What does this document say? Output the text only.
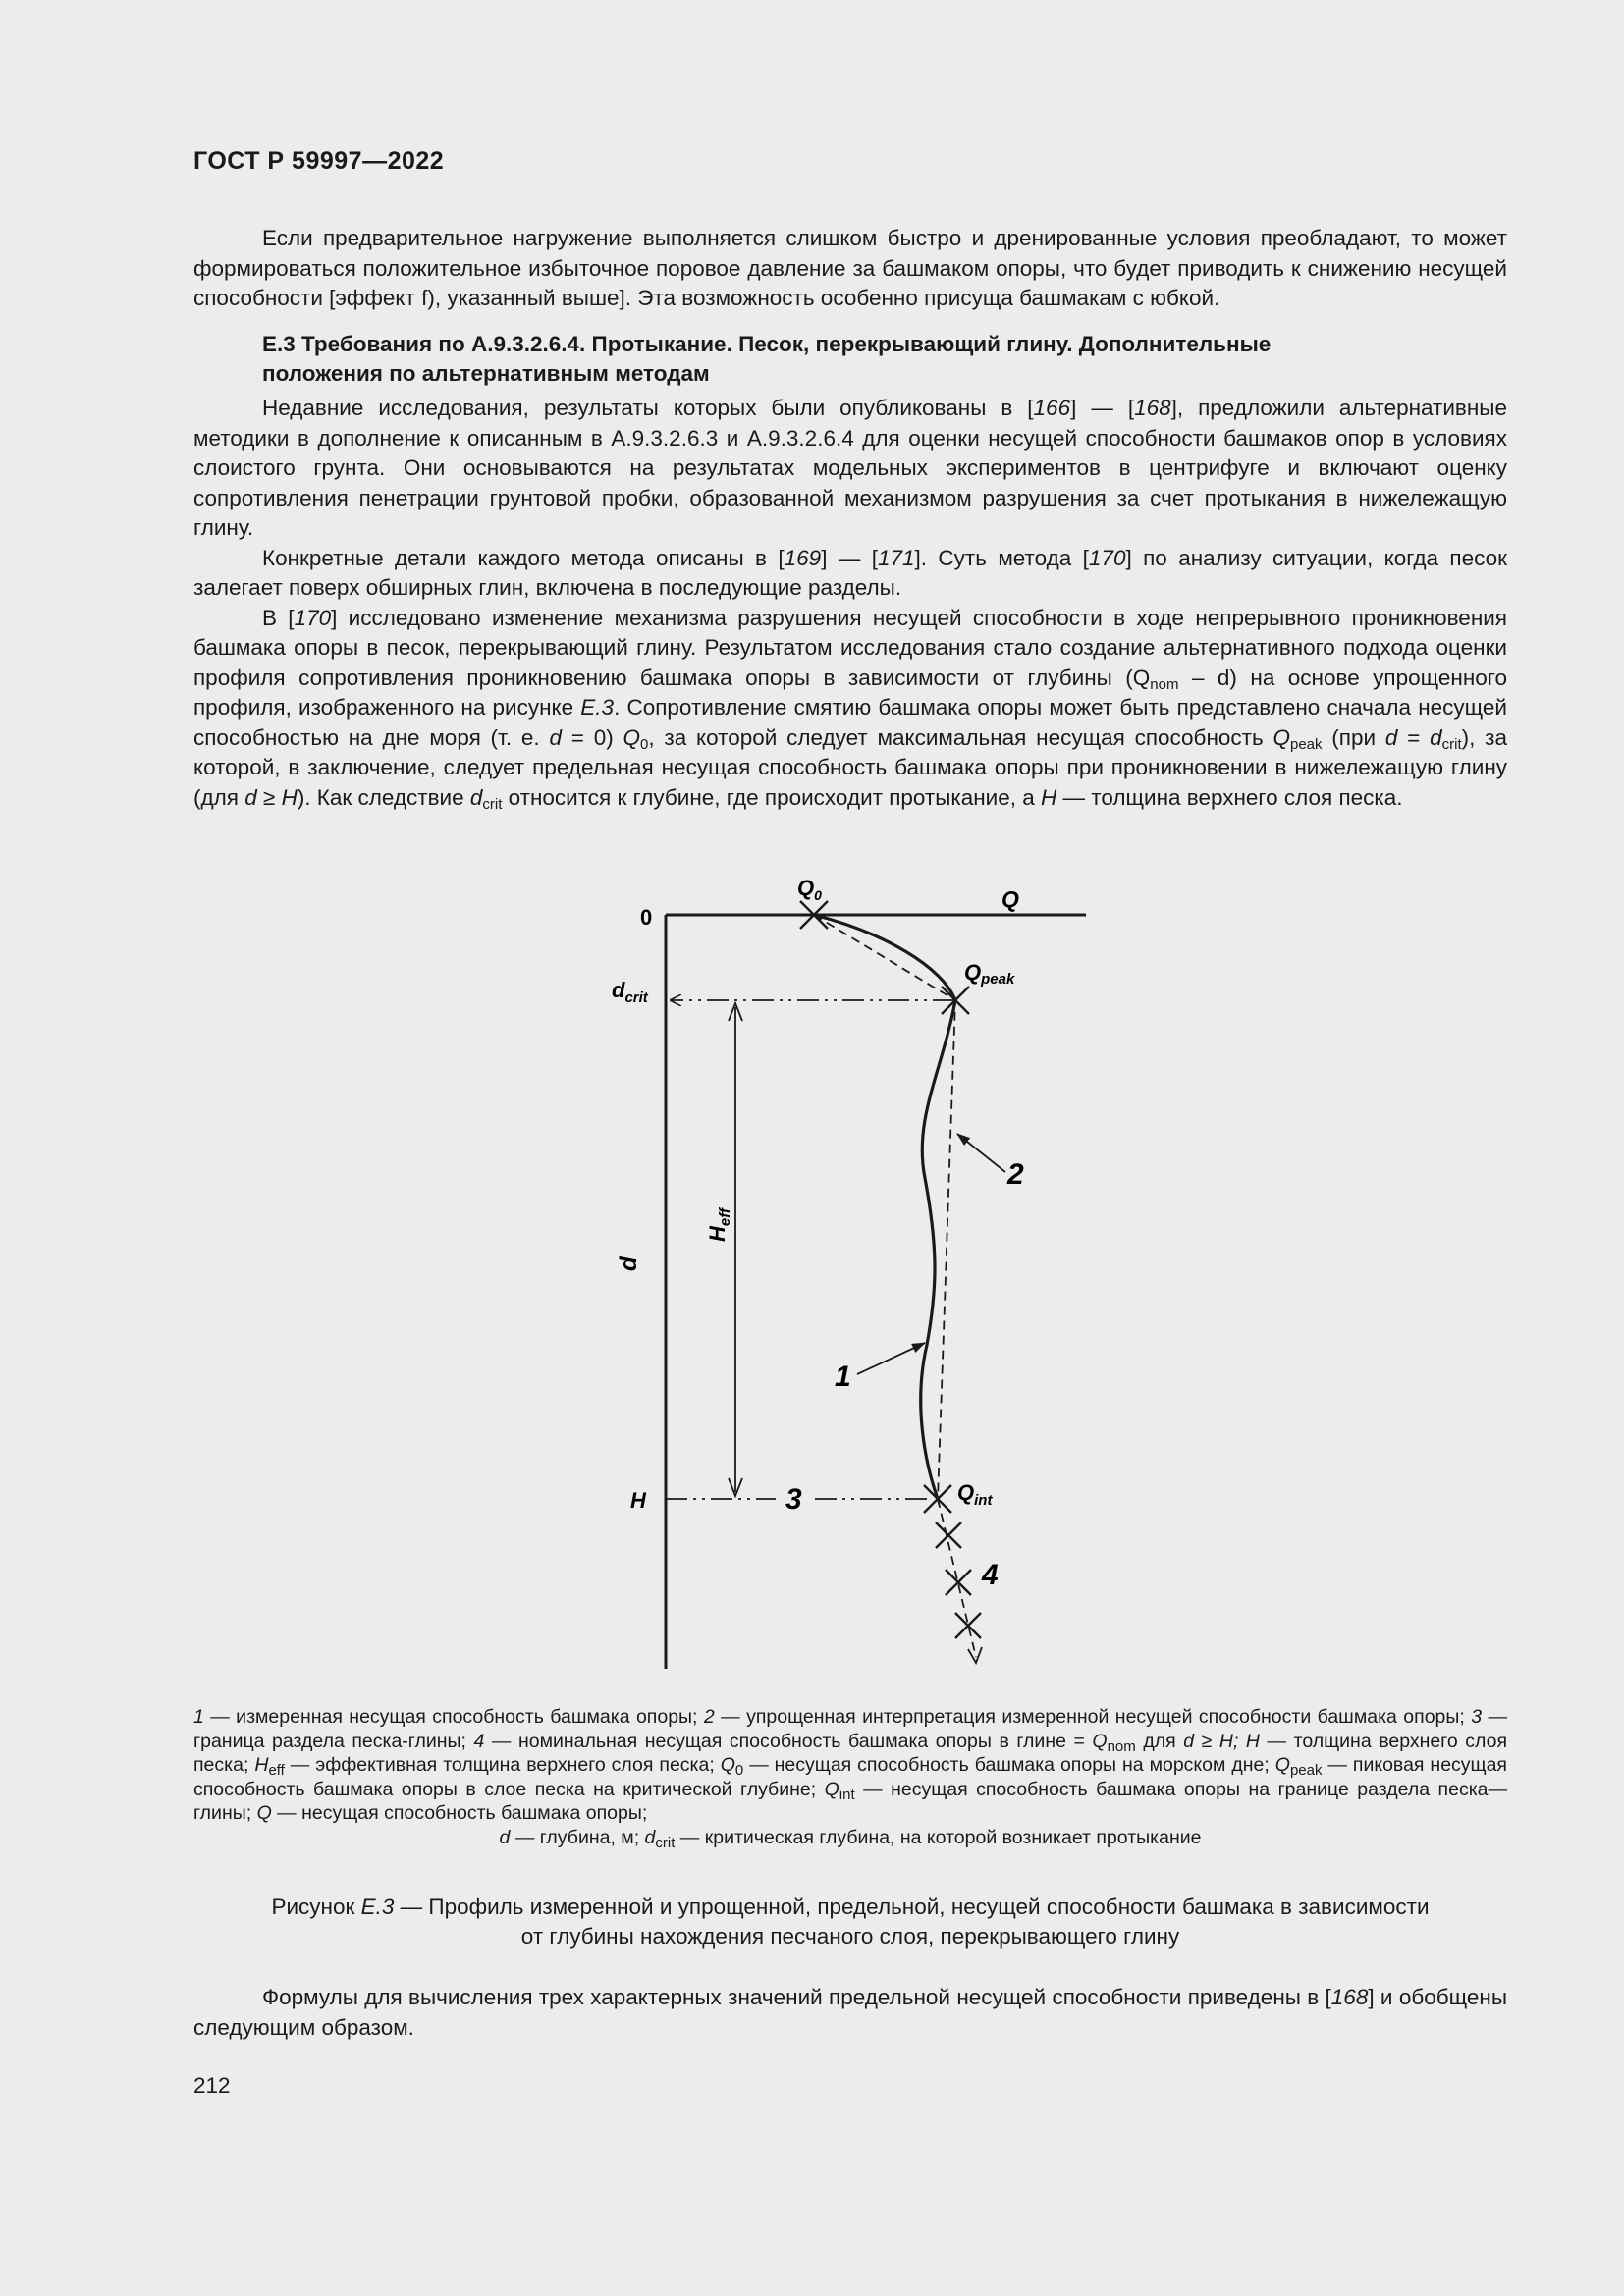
ГОСТ Р 59997—2022

Если предварительное нагружение выполняется слишком быстро и дренированные условия преобладают, то может формироваться положительное избыточное поровое давление за башмаком опоры, что будет приводить к снижению несущей способности [эффект f), указанный выше]. Эта возможность особенно присуща башмакам с юбкой.

Е.3 Требования по А.9.3.2.6.4. Протыкание. Песок, перекрывающий глину. Дополнительные
положения по альтернативным методам

Недавние исследования, результаты которых были опубликованы в [166] — [168], предложили альтернативные методики в дополнение к описанным в А.9.3.2.6.3 и А.9.3.2.6.4 для оценки несущей способности башмаков опор в условиях слоистого грунта. Они основываются на результатах модельных экспериментов в центрифуге и включают оценку сопротивления пенетрации грунтовой пробки, образованной механизмом разрушения за счет протыкания в нижележащую глину.

Конкретные детали каждого метода описаны в [169] — [171]. Суть метода [170] по анализу ситуации, когда песок залегает поверх обширных глин, включена в последующие разделы.

В [170] исследовано изменение механизма разрушения несущей способности в ходе непрерывного проникновения башмака опоры в песок, перекрывающий глину. Результатом исследования стало создание альтернативного подхода оценки профиля сопротивления проникновению башмака опоры в зависимости от глубины $(Q_{nom} - d)$ на основе упрощенного профиля, изображенного на рисунке Е.3. Сопротивление смятию башмака опоры может быть представлено сначала несущей способностью на дне моря (т. е. d = 0) $Q_0$, за которой следует максимальная несущая способность $Q_{peak}$ (при $d = d_{crit}$), за которой, в заключение, следует предельная несущая способность башмака опоры при проникновении в нижележащую глину (для d ≥ H). Как следствие $d_{crit}$ относится к глубине, где происходит протыкание, а H — толщина верхнего слоя песка.

0
$Q_0$	Q
Qpeak
$d_{crit}$
$H_{eff}$
d
H	$Q_{int}$
1
2
3
4
1 — измеренная несущая способность башмака опоры; 2 — упрощенная интерпретация измеренной несущей способности башмака опоры; 3 — граница раздела песка-глины; 4 — номинальная несущая способность башмака опоры в глине = $Q_{nom}$ для d ≥ H; H — толщина верхнего слоя песка; $H_{eff}$ — эффективная толщина верхнего слоя песка; $Q_0$ — несущая способность башмака опоры на морском дне; $Q_{peak}$ — пиковая несущая способность башмака опоры в слое песка на критической глубине; $Q_{int}$ — несущая способность башмака опоры на границе раздела песка—глины; Q — несущая способность башмака опоры;
d — глубина, м; $d_{crit}$ — критическая глубина, на которой возникает протыкание
Рисунок Е.3 — Профиль измеренной и упрощенной, предельной, несущей способности башмака в зависимости
от глубины нахождения песчаного слоя, перекрывающего глину

Формулы для вычисления трех характерных значений предельной несущей способности приведены в [168] и обобщены следующим образом.

212
